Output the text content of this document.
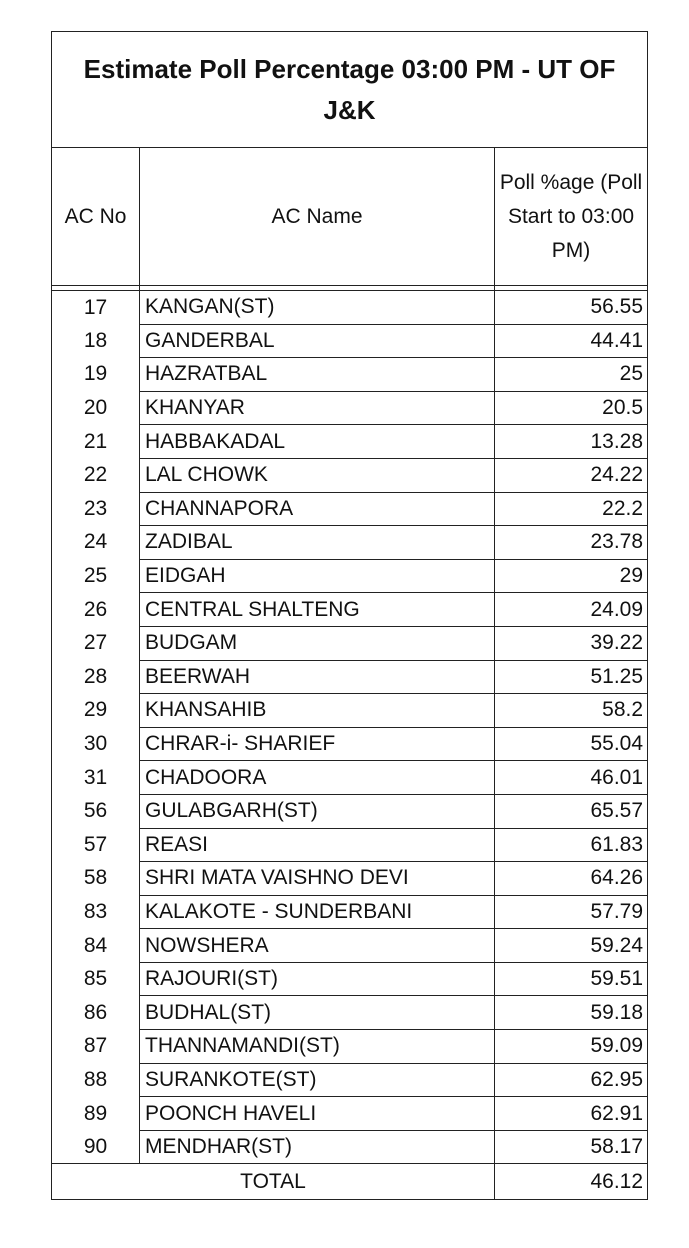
Estimate Poll Percentage 03:00 PM - UT OF J&K		
AC No	AC Name	Poll %age (Poll Start to 03:00 PM)

17	KANGAN(ST)	56.55
18	GANDERBAL	44.41
19	HAZRATBAL	25
20	KHANYAR	20.5
21	HABBAKADAL	13.28
22	LAL CHOWK	24.22
23	CHANNAPORA	22.2
24	ZADIBAL	23.78
25	EIDGAH	29
26	CENTRAL SHALTENG	24.09
27	BUDGAM	39.22
28	BEERWAH	51.25
29	KHANSAHIB	58.2
30	CHRAR-i- SHARIEF	55.04
31	CHADOORA	46.01
56	GULABGARH(ST)	65.57
57	REASI	61.83
58	SHRI MATA VAISHNO DEVI	64.26
83	KALAKOTE - SUNDERBANI	57.79
84	NOWSHERA	59.24
85	RAJOURI(ST)	59.51
86	BUDHAL(ST)	59.18
87	THANNAMANDI(ST)	59.09
88	SURANKOTE(ST)	62.95
89	POONCH HAVELI	62.91
90	MENDHAR(ST)	58.17
TOTAL		46.12
